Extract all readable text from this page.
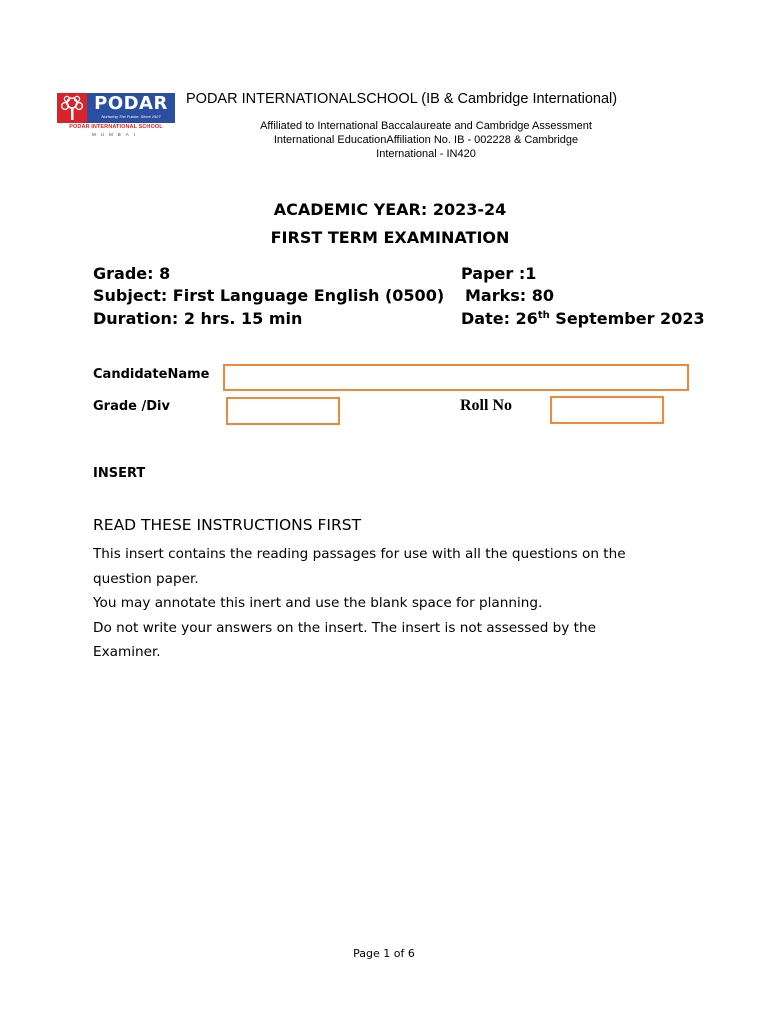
PODAR
Nurturing The Future, Since 1927
PODAR INTERNATIONAL SCHOOL
MUMBAI
PODAR INTERNATIONALSCHOOL (IB & Cambridge International)
Affiliated to International Baccalaureate and Cambridge Assessment
International EducationAffiliation No. IB - 002228 & Cambridge
International - IN420
ACADEMIC YEAR: 2023-24
FIRST TERM EXAMINATION
Grade: 8	Paper :1
Subject: First Language English (0500) Marks: 80
Duration: 2 hrs. 15 min	Date: 26th September 2023
CandidateName
Grade /Div	Roll No
INSERT
READ THESE INSTRUCTIONS FIRST

This insert contains the reading passages for use with all the questions on the question paper.

You may annotate this inert and use the blank space for planning.

Do not write your answers on the insert. The insert is not assessed by the Examiner.

Page 1 of 6
